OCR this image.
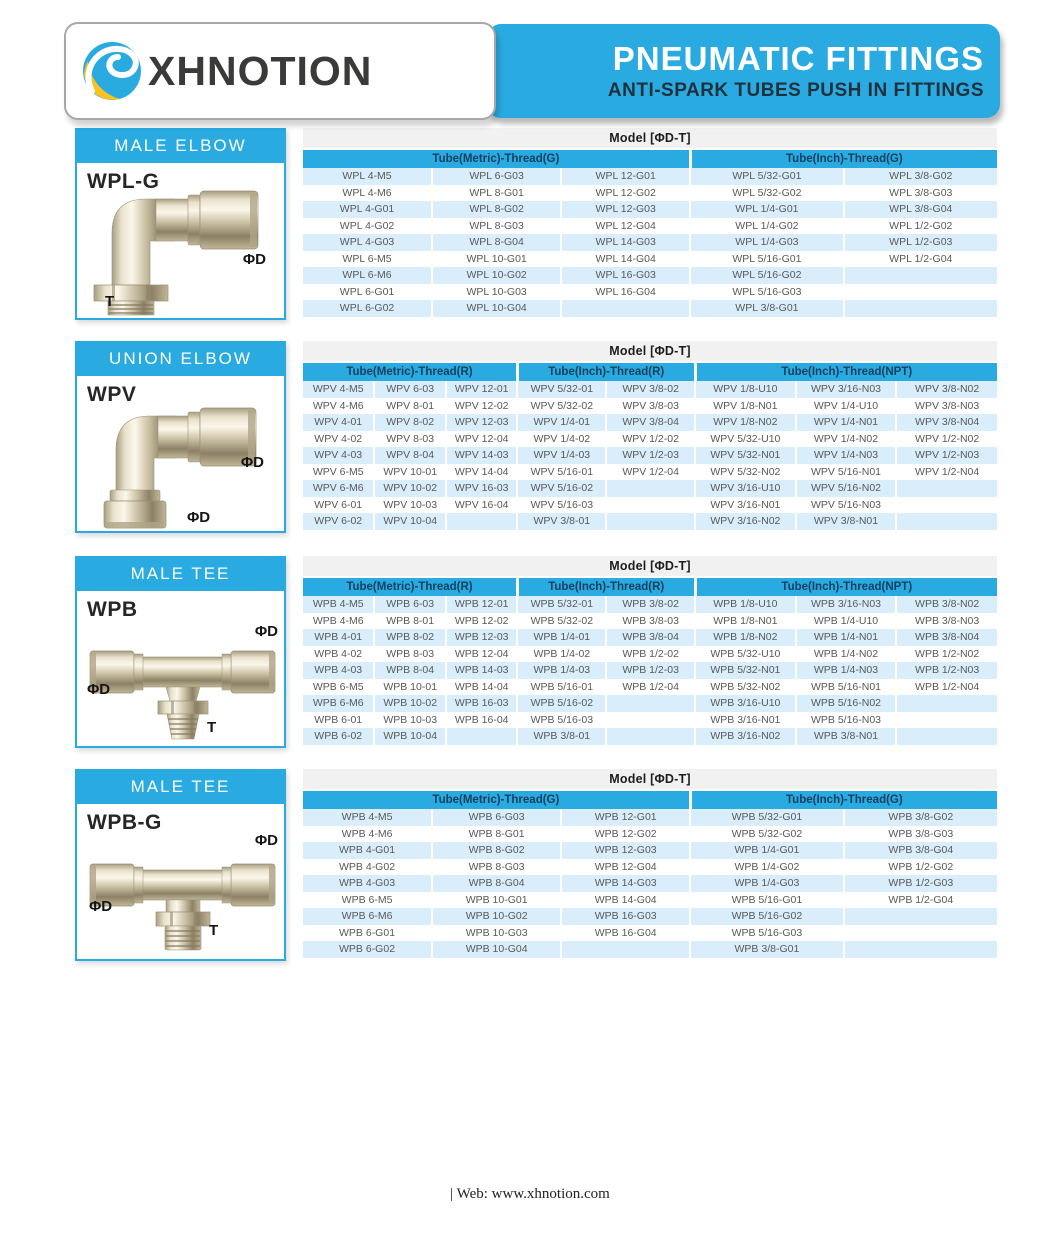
PNEUMATIC FITTINGS
ANTI-SPARK TUBES PUSH IN FITTINGS
XHNOTION
MALE ELBOW
WPL-G
ΦD
T
Model [ΦD-T]				
Tube(Metric)-Thread(G)			Tube(Inch)-Thread(G)	
WPL 4-M5	WPL 6-G03	WPL 12-G01	WPL 5/32-G01	WPL 3/8-G02
WPL 4-M6	WPL 8-G01	WPL 12-G02	WPL 5/32-G02	WPL 3/8-G03
WPL 4-G01	WPL 8-G02	WPL 12-G03	WPL 1/4-G01	WPL 3/8-G04
WPL 4-G02	WPL 8-G03	WPL 12-G04	WPL 1/4-G02	WPL 1/2-G02
WPL 4-G03	WPL 8-G04	WPL 14-G03	WPL 1/4-G03	WPL 1/2-G03
WPL 6-M5	WPL 10-G01	WPL 14-G04	WPL 5/16-G01	WPL 1/2-G04
WPL 6-M6	WPL 10-G02	WPL 16-G03	WPL 5/16-G02	
WPL 6-G01	WPL 10-G03	WPL 16-G04	WPL 5/16-G03	
WPL 6-G02	WPL 10-G04		WPL 3/8-G01	
UNION ELBOW
WPV
ΦD
ΦD
Model [ΦD-T]							
Tube(Metric)-Thread(R)			Tube(Inch)-Thread(R)		Tube(Inch)-Thread(NPT)		
WPV 4-M5	WPV 6-03	WPV 12-01	WPV 5/32-01	WPV 3/8-02	WPV 1/8-U10	WPV 3/16-N03	WPV 3/8-N02
WPV 4-M6	WPV 8-01	WPV 12-02	WPV 5/32-02	WPV 3/8-03	WPV 1/8-N01	WPV 1/4-U10	WPV 3/8-N03
WPV 4-01	WPV 8-02	WPV 12-03	WPV 1/4-01	WPV 3/8-04	WPV 1/8-N02	WPV 1/4-N01	WPV 3/8-N04
WPV 4-02	WPV 8-03	WPV 12-04	WPV 1/4-02	WPV 1/2-02	WPV 5/32-U10	WPV 1/4-N02	WPV 1/2-N02
WPV 4-03	WPV 8-04	WPV 14-03	WPV 1/4-03	WPV 1/2-03	WPV 5/32-N01	WPV 1/4-N03	WPV 1/2-N03
WPV 6-M5	WPV 10-01	WPV 14-04	WPV 5/16-01	WPV 1/2-04	WPV 5/32-N02	WPV 5/16-N01	WPV 1/2-N04
WPV 6-M6	WPV 10-02	WPV 16-03	WPV 5/16-02		WPV 3/16-U10	WPV 5/16-N02	
WPV 6-01	WPV 10-03	WPV 16-04	WPV 5/16-03		WPV 3/16-N01	WPV 5/16-N03	
WPV 6-02	WPV 10-04		WPV 3/8-01		WPV 3/16-N02	WPV 3/8-N01	
MALE TEE
WPB
ΦD
ΦD
T
Model [ΦD-T]							
Tube(Metric)-Thread(R)			Tube(Inch)-Thread(R)		Tube(Inch)-Thread(NPT)		
WPB 4-M5	WPB 6-03	WPB 12-01	WPB 5/32-01	WPB 3/8-02	WPB 1/8-U10	WPB 3/16-N03	WPB 3/8-N02
WPB 4-M6	WPB 8-01	WPB 12-02	WPB 5/32-02	WPB 3/8-03	WPB 1/8-N01	WPB 1/4-U10	WPB 3/8-N03
WPB 4-01	WPB 8-02	WPB 12-03	WPB 1/4-01	WPB 3/8-04	WPB 1/8-N02	WPB 1/4-N01	WPB 3/8-N04
WPB 4-02	WPB 8-03	WPB 12-04	WPB 1/4-02	WPB 1/2-02	WPB 5/32-U10	WPB 1/4-N02	WPB 1/2-N02
WPB 4-03	WPB 8-04	WPB 14-03	WPB 1/4-03	WPB 1/2-03	WPB 5/32-N01	WPB 1/4-N03	WPB 1/2-N03
WPB 6-M5	WPB 10-01	WPB 14-04	WPB 5/16-01	WPB 1/2-04	WPB 5/32-N02	WPB 5/16-N01	WPB 1/2-N04
WPB 6-M6	WPB 10-02	WPB 16-03	WPB 5/16-02		WPB 3/16-U10	WPB 5/16-N02	
WPB 6-01	WPB 10-03	WPB 16-04	WPB 5/16-03		WPB 3/16-N01	WPB 5/16-N03	
WPB 6-02	WPB 10-04		WPB 3/8-01		WPB 3/16-N02	WPB 3/8-N01	
MALE TEE
WPB-G
ΦD
ΦD
T
Model [ΦD-T]				
Tube(Metric)-Thread(G)			Tube(Inch)-Thread(G)	
WPB 4-M5	WPB 6-G03	WPB 12-G01	WPB 5/32-G01	WPB 3/8-G02
WPB 4-M6	WPB 8-G01	WPB 12-G02	WPB 5/32-G02	WPB 3/8-G03
WPB 4-G01	WPB 8-G02	WPB 12-G03	WPB 1/4-G01	WPB 3/8-G04
WPB 4-G02	WPB 8-G03	WPB 12-G04	WPB 1/4-G02	WPB 1/2-G02
WPB 4-G03	WPB 8-G04	WPB 14-G03	WPB 1/4-G03	WPB 1/2-G03
WPB 6-M5	WPB 10-G01	WPB 14-G04	WPB 5/16-G01	WPB 1/2-G04
WPB 6-M6	WPB 10-G02	WPB 16-G03	WPB 5/16-G02	
WPB 6-G01	WPB 10-G03	WPB 16-G04	WPB 5/16-G03	
WPB 6-G02	WPB 10-G04		WPB 3/8-G01	
| Web: www.xhnotion.com
